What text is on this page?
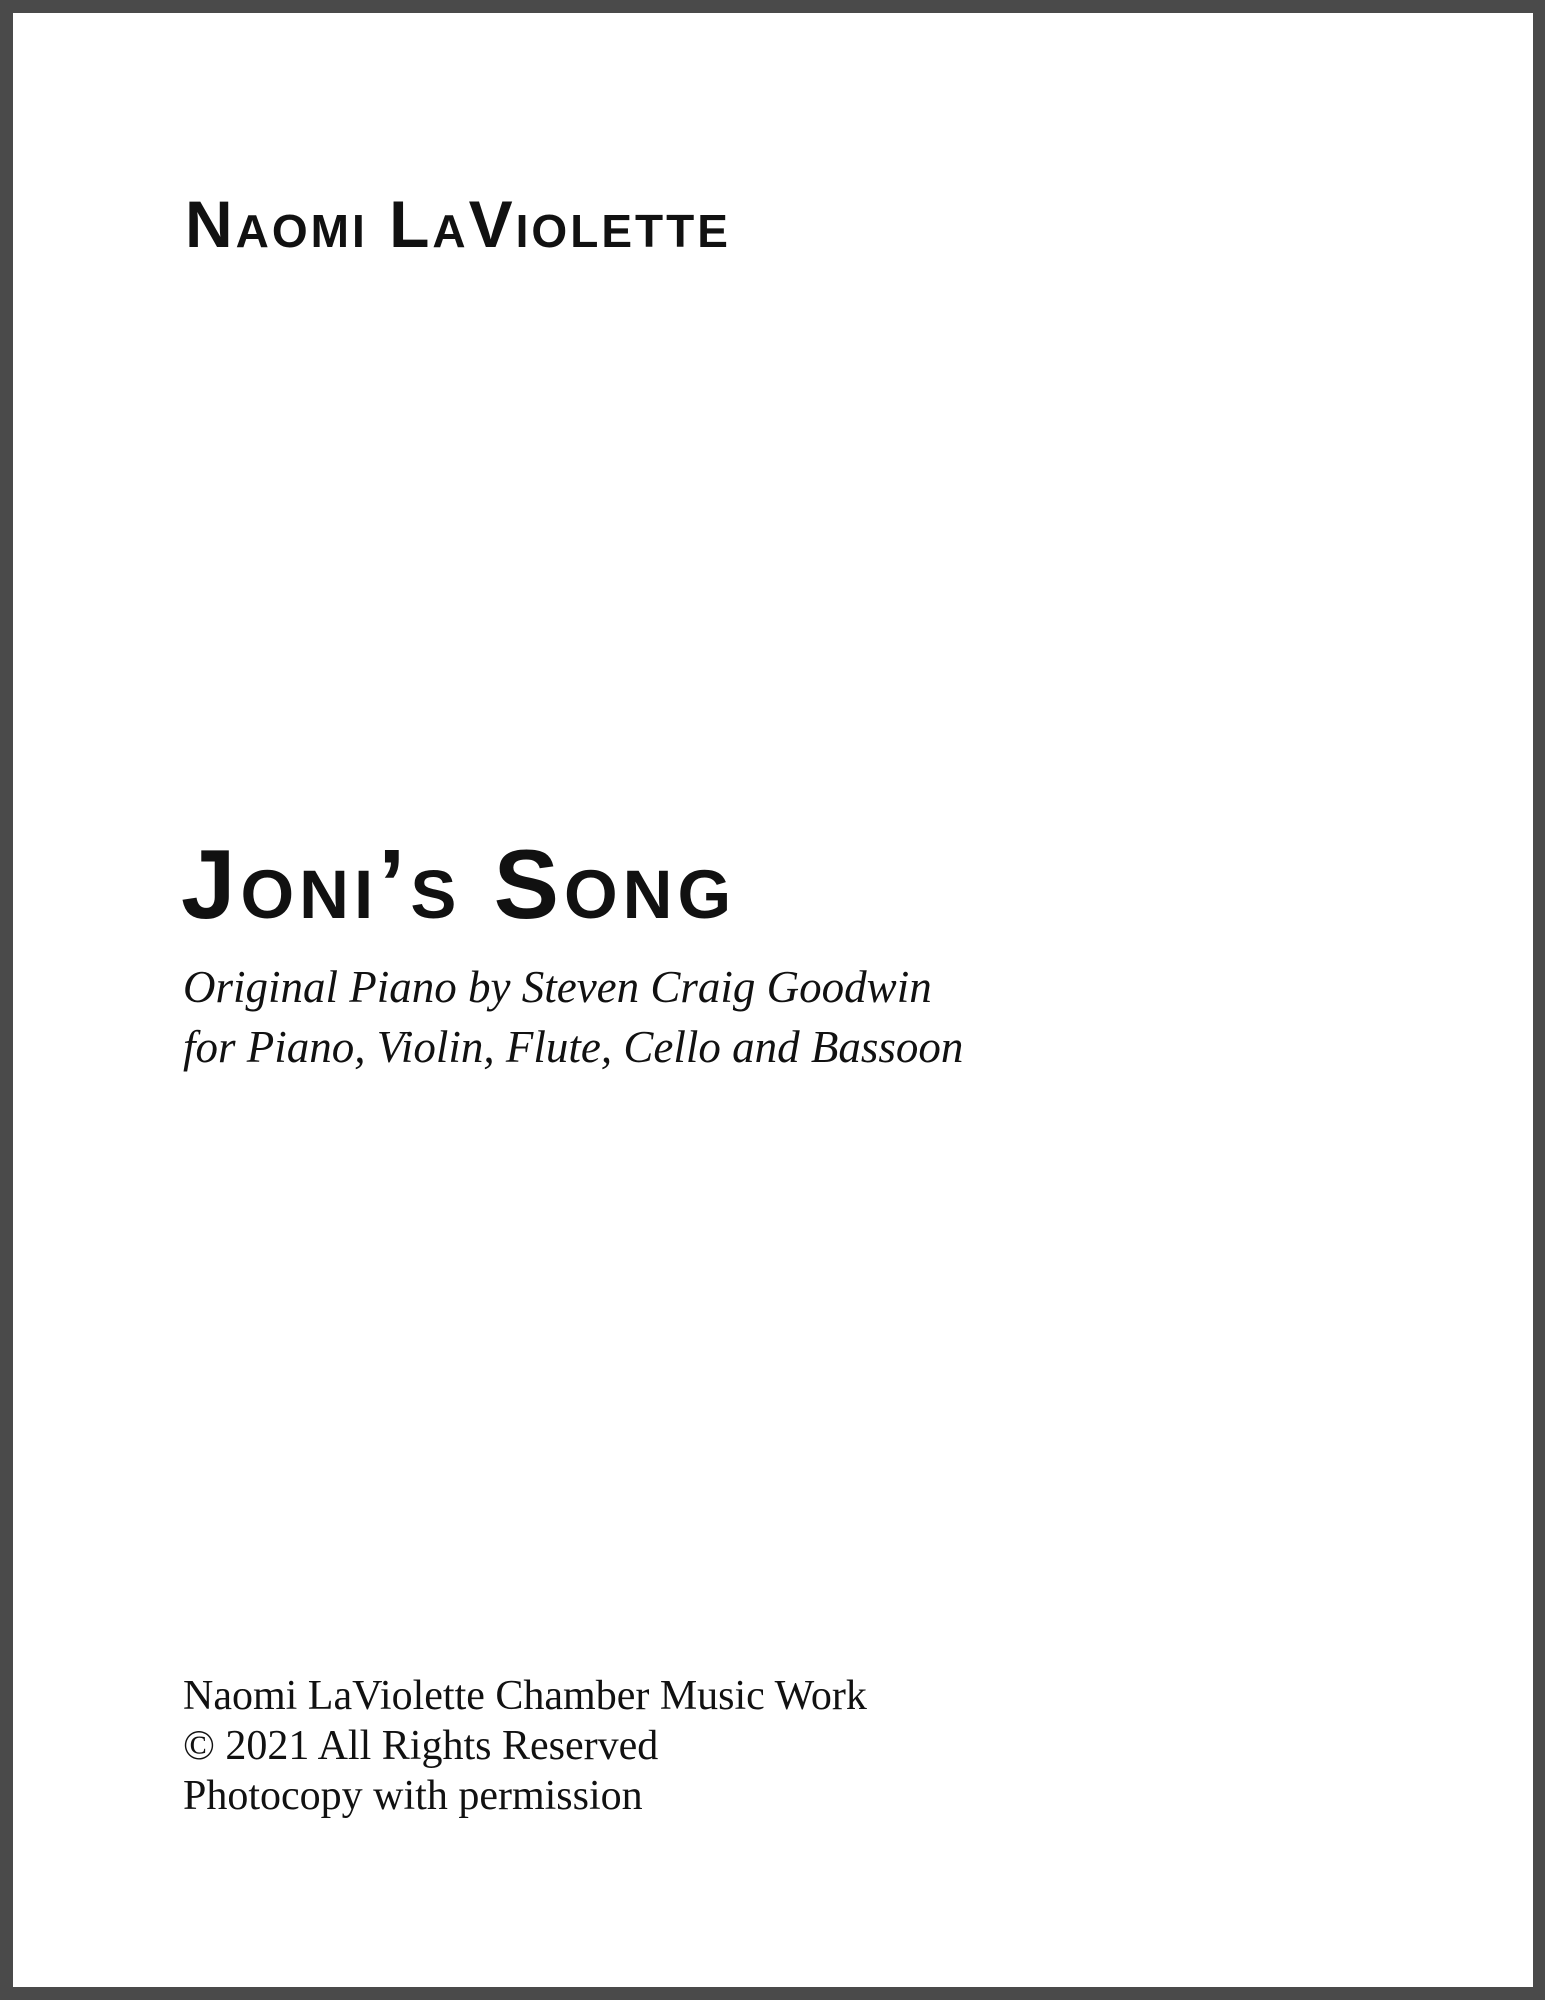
Naomi LaViolette
Joni’s Song

Original Piano by Steven Craig Goodwin

for Piano, Violin, Flute, Cello and Bassoon

Naomi LaViolette Chamber Music Work

© 2021 All Rights Reserved

Photocopy with permission
